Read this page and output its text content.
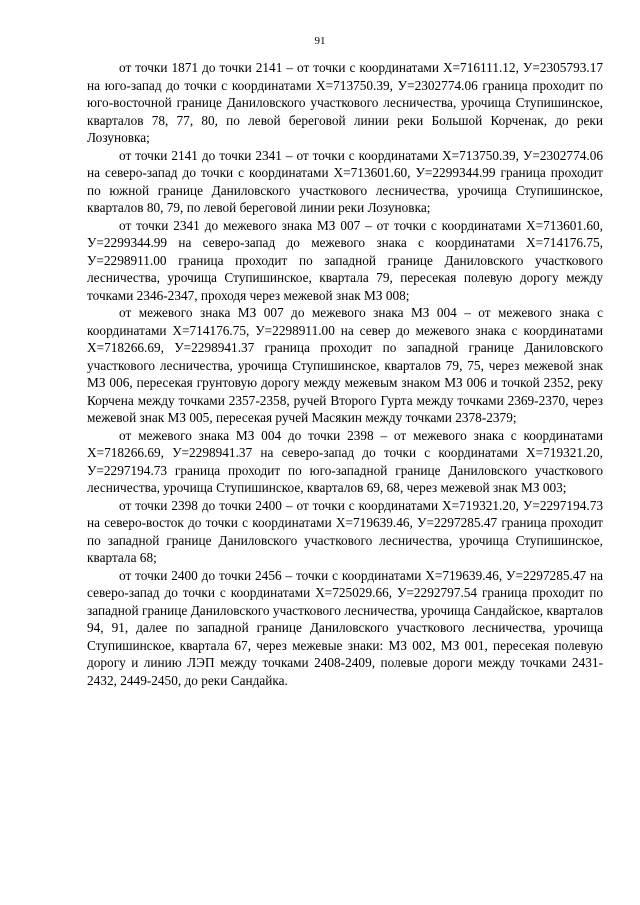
91

от точки 1871 до точки 2141 – от точки с координатами Х=716111.12, У=2305793.17 на юго-запад до точки с координатами Х=713750.39, У=2302774.06 граница проходит по юго-восточной границе Даниловского участкового лесничества, урочища Ступишинское, кварталов 78, 77, 80, по левой береговой линии реки Большой Корченак, до реки Лозуновка;

от точки 2141 до точки 2341 – от точки с координатами Х=713750.39, У=2302774.06 на северо-запад до точки с координатами Х=713601.60, У=2299344.99 граница проходит по южной границе Даниловского участкового лесничества, урочища Ступишинское, кварталов 80, 79, по левой береговой линии реки Лозуновка;

от точки 2341 до межевого знака МЗ 007 – от точки с координатами Х=713601.60, У=2299344.99 на северо-запад до межевого знака с координатами Х=714176.75, У=2298911.00 граница проходит по западной границе Даниловского участкового лесничества, урочища Ступишинское, квартала 79, пересекая полевую дорогу между точками 2346-2347, проходя через межевой знак МЗ 008;

от межевого знака МЗ 007 до межевого знака МЗ 004 – от межевого знака с координатами Х=714176.75, У=2298911.00 на север до межевого знака с координатами Х=718266.69, У=2298941.37 граница проходит по западной границе Даниловского участкового лесничества, урочища Ступишинское, кварталов 79, 75, через межевой знак МЗ 006, пересекая грунтовую дорогу между межевым знаком МЗ 006 и точкой 2352, реку Корчена между точками 2357-2358, ручей Второго Гурта между точками 2369-2370, через межевой знак МЗ 005, пересекая ручей Масякин между точками 2378-2379;

от межевого знака МЗ 004 до точки 2398 – от межевого знака с координатами Х=718266.69, У=2298941.37 на северо-запад до точки с координатами Х=719321.20, У=2297194.73 граница проходит по юго-западной границе Даниловского участкового лесничества, урочища Ступишинское, кварталов 69, 68, через межевой знак МЗ 003;

от точки 2398 до точки 2400 – от точки с координатами Х=719321.20, У=2297194.73 на северо-восток до точки с координатами Х=719639.46, У=2297285.47 граница проходит по западной границе Даниловского участкового лесничества, урочища Ступишинское, квартала 68;

от точки 2400 до точки 2456 – точки с координатами Х=719639.46, У=2297285.47 на северо-запад до точки с координатами Х=725029.66, У=2292797.54 граница проходит по западной границе Даниловского участкового лесничества, урочища Сандайское, кварталов 94, 91, далее по западной границе Даниловского участкового лесничества, урочища Ступишинское, квартала 67, через межевые знаки: МЗ 002, МЗ 001, пересекая полевую дорогу и линию ЛЭП между точками 2408-2409, полевые дороги между точками 2431-2432, 2449-2450, до реки Сандайка.
